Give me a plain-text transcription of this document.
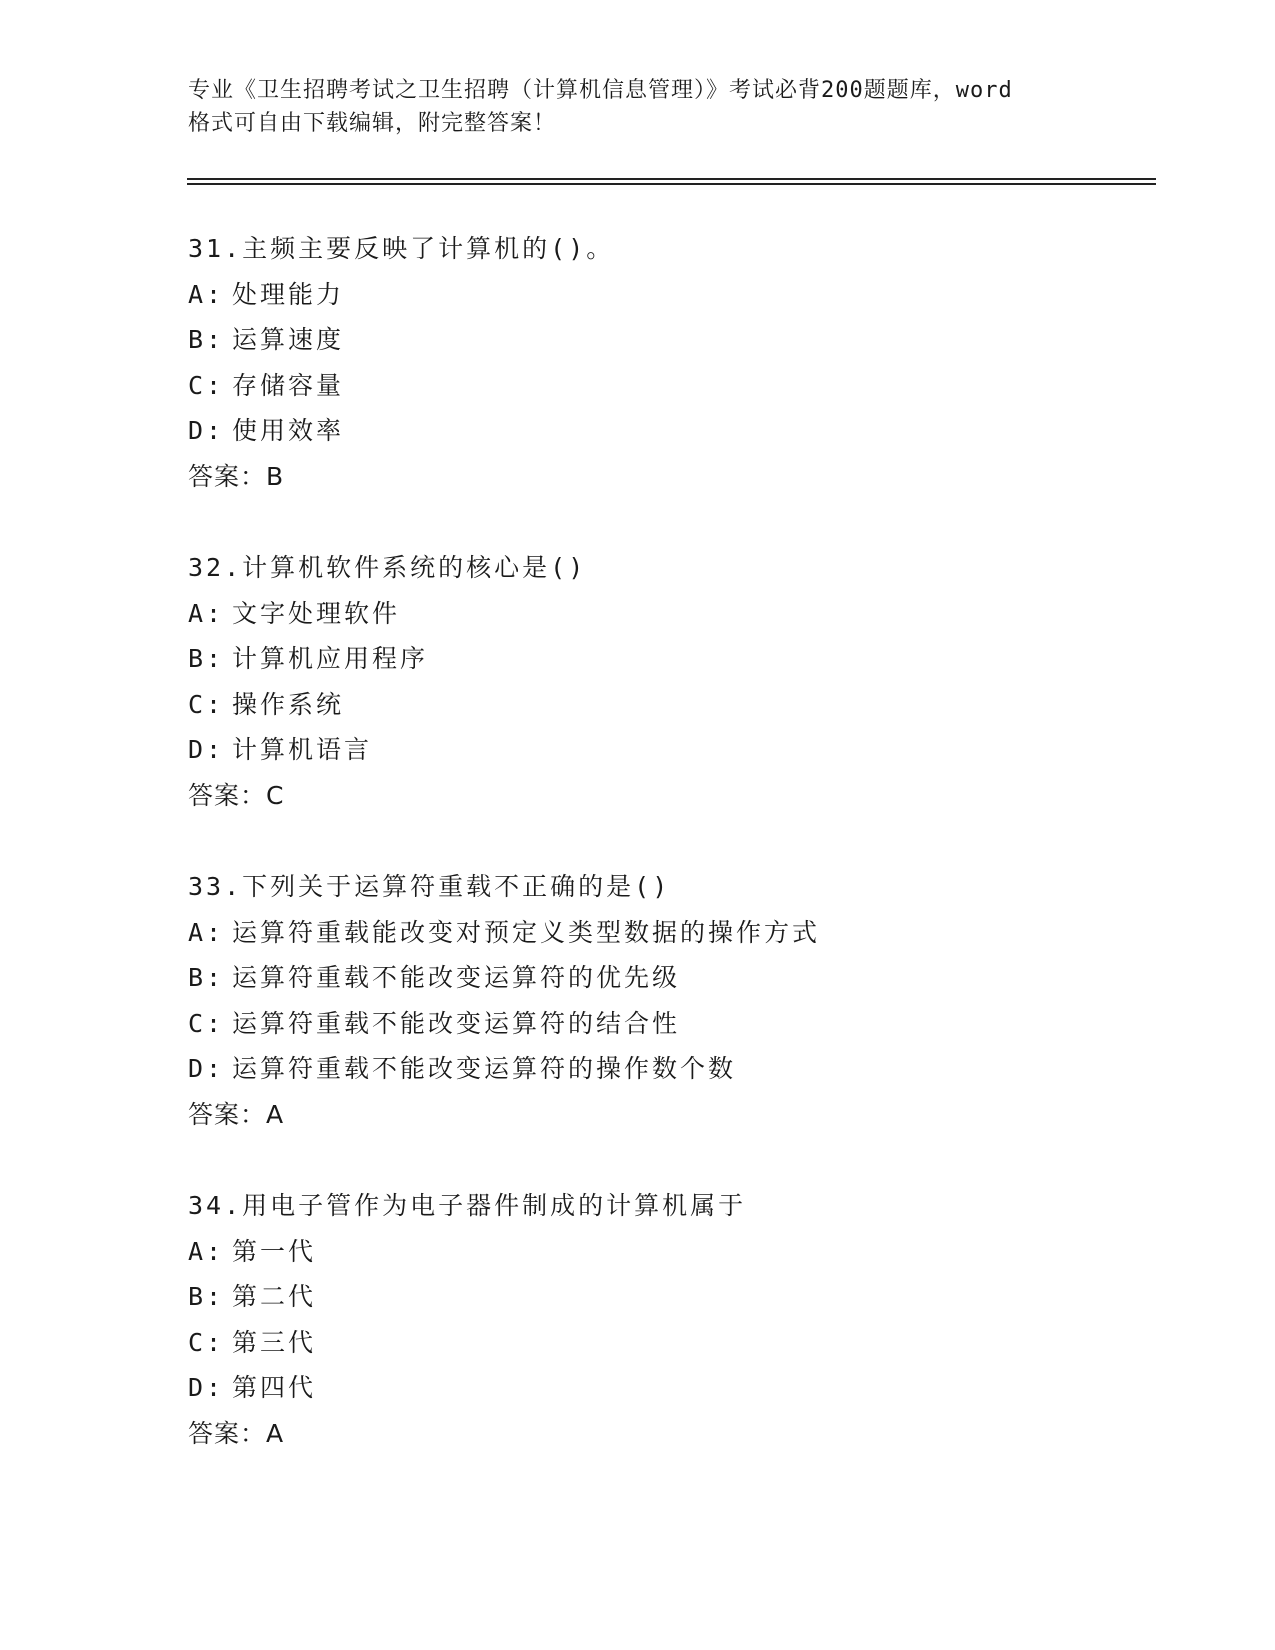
专业《卫生招聘考试之卫生招聘（计算机信息管理）》考试必背200题题库，word
格式可自由下载编辑，附完整答案！
31.主频主要反映了计算机的()。
A: 处理能力
B: 运算速度
C: 存储容量
D: 使用效率
答案：B
32.计算机软件系统的核心是()
A: 文字处理软件
B: 计算机应用程序
C: 操作系统
D: 计算机语言
答案：C
33.下列关于运算符重载不正确的是()
A: 运算符重载能改变对预定义类型数据的操作方式
B: 运算符重载不能改变运算符的优先级
C: 运算符重载不能改变运算符的结合性
D: 运算符重载不能改变运算符的操作数个数
答案：A
34.用电子管作为电子器件制成的计算机属于
A: 第一代
B: 第二代
C: 第三代
D: 第四代
答案：A
